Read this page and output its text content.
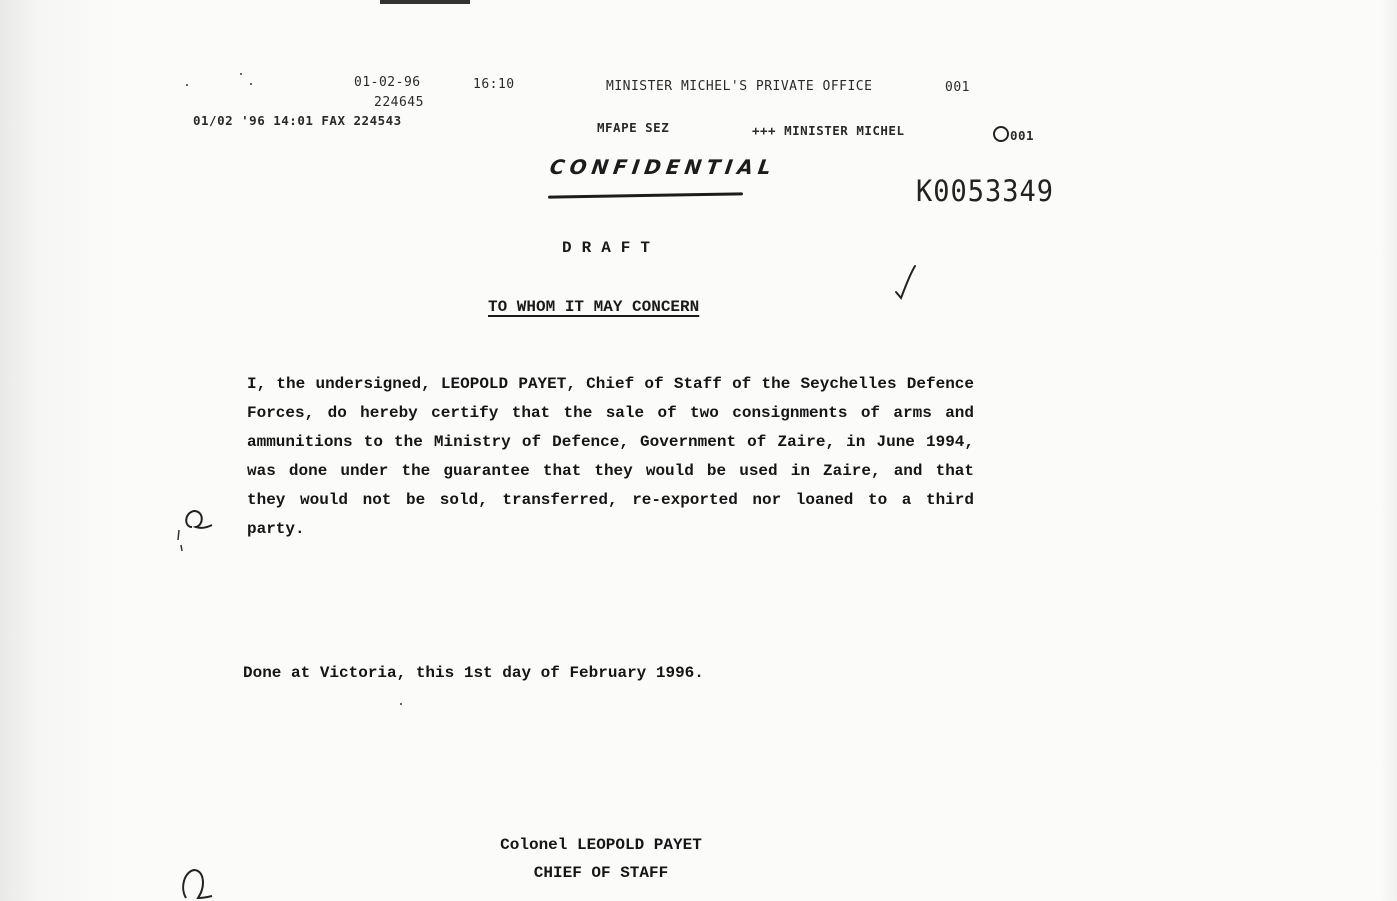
01-02-96	16:10	MINISTER MICHEL'S PRIVATE OFFICE	001
224645
01/02 '96 14:01 FAX 224543	MFAPE SEZ	+++ MINISTER MICHEL	001
CONFIDENTIAL
K0053349
DRAFT
TO WHOM IT MAY CONCERN
I, the undersigned, LEOPOLD PAYET, Chief of Staff of the Seychelles Defence Forces, do hereby certify that the sale of two consignments of arms and ammunitions to the Ministry of Defence, Government of Zaire, in June 1994, was done under the guarantee that they would be used in Zaire, and that they would not be sold, transferred, re-exported nor loaned to a third party.
Done at Victoria, this 1st day of February 1996.
Colonel LEOPOLD PAYET
CHIEF OF STAFF
